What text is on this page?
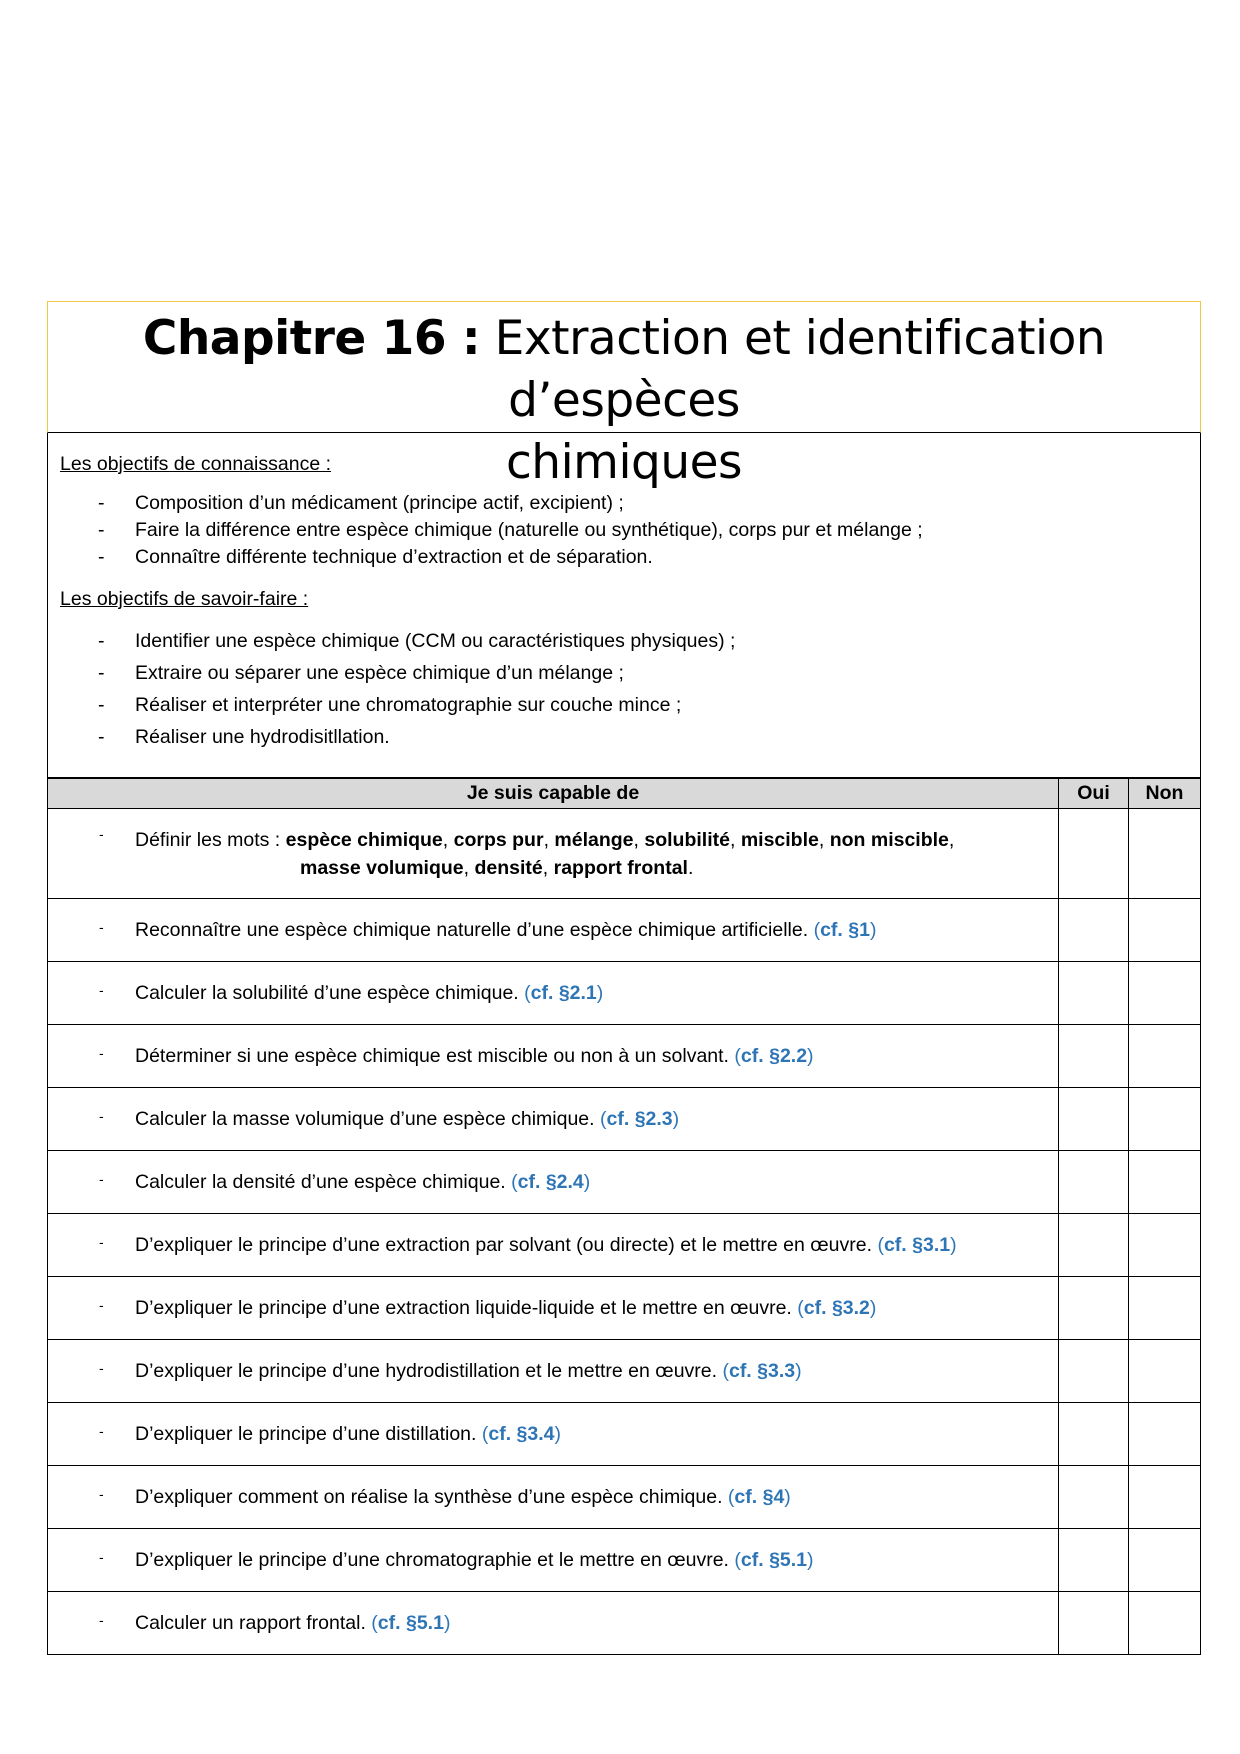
Chapitre 16 : Extraction et identification d’espèces

chimiques

Les objectifs de connaissance :

- Composition d’un médicament (principe actif, excipient) ;
- Faire la différence entre espèce chimique (naturelle ou synthétique), corps pur et mélange ;
- Connaître différente technique d’extraction et de séparation.

Les objectifs de savoir-faire :

- Identifier une espèce chimique (CCM ou caractéristiques physiques) ;
- Extraire ou séparer une espèce chimique d’un mélange ;
- Réaliser et interpréter une chromatographie sur couche mince ;
- Réaliser une hydrodisitllation.
Je suis capable de	Oui	Non

- Définir les mots : espèce chimique, corps pur, mélange, solubilité, miscible, non miscible,
masse volumique, densité, rapport frontal.		

- Reconnaître une espèce chimique naturelle d’une espèce chimique artificielle. (cf. §1)		

- Calculer la solubilité d’une espèce chimique. (cf. §2.1)		

- Déterminer si une espèce chimique est miscible ou non à un solvant. (cf. §2.2)		

- Calculer la masse volumique d’une espèce chimique. (cf. §2.3)		

- Calculer la densité d’une espèce chimique. (cf. §2.4)		

- D’expliquer le principe d’une extraction par solvant (ou directe) et le mettre en œuvre. (cf. §3.1)		

- D’expliquer le principe d’une extraction liquide-liquide et le mettre en œuvre. (cf. §3.2)		

- D’expliquer le principe d’une hydrodistillation et le mettre en œuvre. (cf. §3.3)		

- D’expliquer le principe d’une distillation. (cf. §3.4)		

- D’expliquer comment on réalise la synthèse d’une espèce chimique. (cf. §4)		

- D’expliquer le principe d’une chromatographie et le mettre en œuvre. (cf. §5.1)		

- Calculer un rapport frontal. (cf. §5.1)		
